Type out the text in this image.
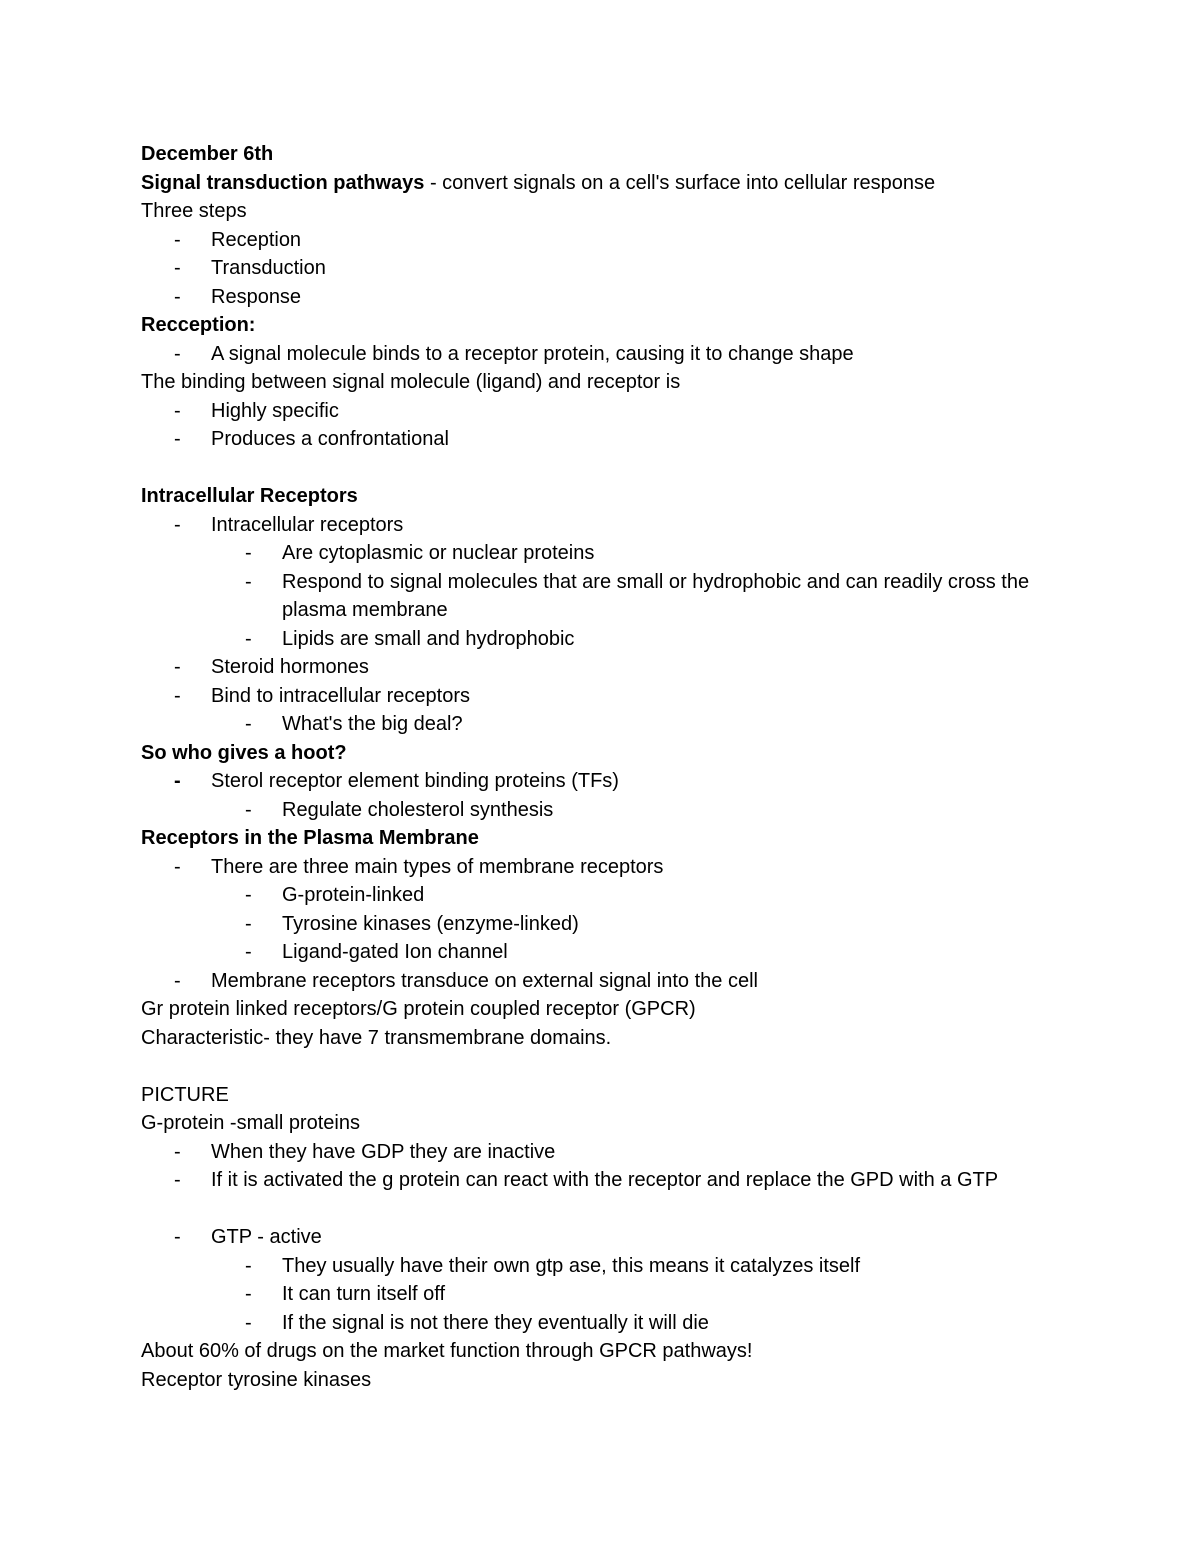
December 6th
Signal transduction pathways - convert signals on a cell's surface into cellular response
Three steps
-	Reception
-	Transduction
-	Response
Recception:
-	A signal molecule binds to a receptor protein, causing it to change shape
The binding between signal molecule (ligand) and receptor is
-	Highly specific
-	Produces a confrontational
Intracellular Receptors
-	Intracellular receptors
-	Are cytoplasmic or nuclear proteins
-	Respond to signal molecules that are small or hydrophobic and can readily cross the plasma membrane
-	Lipids are small and hydrophobic
-	Steroid hormones
-	Bind to intracellular receptors
-	What's the big deal?
So who gives a hoot?
-	Sterol receptor element binding proteins (TFs)
-	Regulate cholesterol synthesis
Receptors in the Plasma Membrane
-	There are three main types of membrane receptors
-	G-protein-linked
-	Tyrosine kinases (enzyme-linked)
-	Ligand-gated Ion channel
-	Membrane receptors transduce on external signal into the cell
Gr protein linked receptors/G protein coupled receptor (GPCR)
Characteristic- they have 7 transmembrane domains.
PICTURE
G-protein -small proteins
-	When they have GDP they are inactive
-	If it is activated the g protein can react with the receptor and replace the GPD with a GTP
-	GTP - active
-	They usually have their own gtp ase, this means it catalyzes itself
-	It can turn itself off
-	If the signal is not there they eventually it will die
About 60% of drugs on the market function through GPCR pathways!
Receptor tyrosine kinases
